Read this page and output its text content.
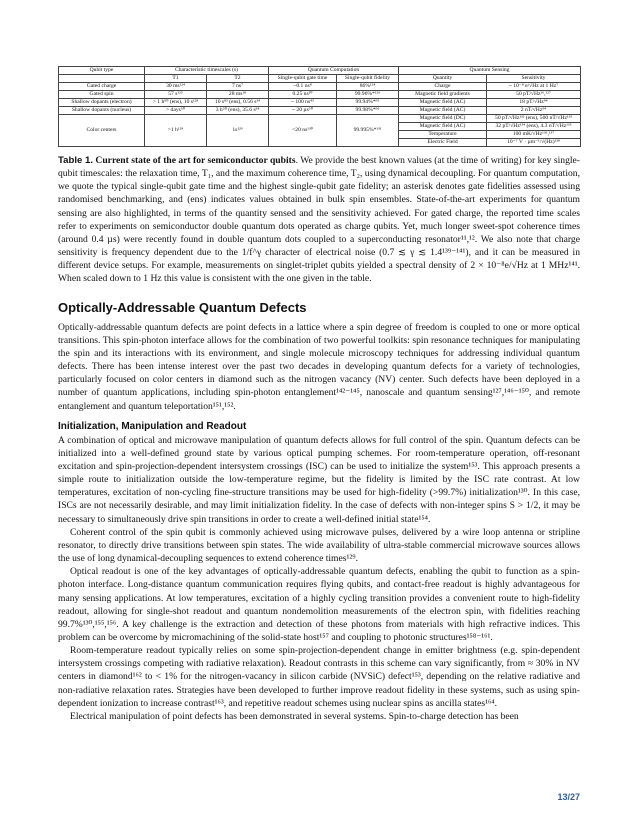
Qubit type	Characteristic timescales (s)		Quantum Computation		Quantum Sensing	
	T1	T2	Single-qubit gate time	Single-qubit fidelity	Quantity	Sensitivity
Gated charge	30 ms¹²⁴	7 ns⁷	~0.1 ns⁸	86%¹²⁴	Charge	~ 10⁻⁸ e/√Hz at 1 Hz⁷
Gated spin	57 s¹²⁵	28 ms¹⁸	0.25 ns²⁰	99.96%*¹²⁶	Magnetic field gradients	50 pT/√Hz¹⁶,¹²⁷
Shallow dopants (electron)	> 1 h⁶⁰ (ens), 10 s¹²⁸	10 s⁸³ (ens), 0.56 s³⁴	~ 100 ns⁴⁵	99.94%*⁹⁵	Magnetic field (AC)	18 pT/√Hz⁹⁴
Shallow dopants (nucleus)	> days⁵⁰	3 h⁵⁰ (ens), 35.6 s³⁴	~ 20 µs⁵⁰	99.98%*⁹⁶	Magnetic field (AC)	2 nT/√Hz⁹⁴
Color centers	>1 h¹²⁹	1s¹²⁹	<20 ns¹³⁰	99.995%*¹³¹	Magnetic field (DC)	50 pT/√Hz¹³² (ens), 500 nT/√Hz¹³³
					Magnetic field (AC)	32 pT/√Hz¹³⁴ (ens), 4.3 nT/√Hz¹³⁵
					Temperature	100 mK/√Hz¹³⁶,¹³⁷
					Electric Field	10⁻⁷ V · µm⁻¹/√(Hz)¹³⁸
Table 1. Current state of the art for semiconductor qubits. We provide the best known values (at the time of writing) for key single-qubit timescales: the relaxation time, T₁, and the maximum coherence time, T₂, using dynamical decoupling. For quantum computation, we quote the typical single-qubit gate time and the highest single-qubit gate fidelity; an asterisk denotes gate fidelities assessed using randomised benchmarking, and (ens) indicates values obtained in bulk spin ensembles. State-of-the-art experiments for quantum sensing are also highlighted, in terms of the quantity sensed and the sensitivity achieved. For gated charge, the reported time scales refer to experiments on semiconductor double quantum dots operated as charge qubits. Yet, much longer sweet-spot coherence times (around 0.4 µs) were recently found in double quantum dots coupled to a superconducting resonator¹¹,¹². We also note that charge sensitivity is frequency dependent due to the 1/f^γ character of electrical noise (0.7 ≲ γ ≲ 1.4¹³⁹⁻¹⁴¹), and it can be measured in different device setups. For example, measurements on singlet-triplet qubits yielded a spectral density of 2 × 10⁻⁸e/√Hz at 1 MHz¹⁴¹. When scaled down to 1 Hz this value is consistent with the one given in the table.
Optically-Addressable Quantum Defects

Optically-addressable quantum defects are point defects in a lattice where a spin degree of freedom is coupled to one or more optical transitions. This spin-photon interface allows for the combination of two powerful toolkits: spin resonance techniques for manipulating the spin and its interactions with its environment, and single molecule microscopy techniques for addressing individual quantum defects. There has been intense interest over the past two decades in developing quantum defects for a variety of technologies, particularly focused on color centers in diamond such as the nitrogen vacancy (NV) center. Such defects have been deployed in a number of quantum applications, including spin-photon entanglement¹⁴²⁻¹⁴⁵, nanoscale and quantum sensing¹²⁷,¹⁴⁶⁻¹⁵⁰, and remote entanglement and quantum teleportation¹⁵¹,¹⁵².

Initialization, Manipulation and Readout

A combination of optical and microwave manipulation of quantum defects allows for full control of the spin. Quantum defects can be initialized into a well-defined ground state by various optical pumping schemes. For room-temperature operation, off-resonant excitation and spin-projection-dependent intersystem crossings (ISC) can be used to initialize the system¹⁵³. This approach presents a simple route to initialization outside the low-temperature regime, but the fidelity is limited by the ISC rate contrast. At low temperatures, excitation of non-cycling fine-structure transitions may be used for high-fidelity (>99.7%) initialization¹³⁰. In this case, ISCs are not necessarily desirable, and may limit initialization fidelity. In the case of defects with non-integer spins S > 1/2, it may be necessary to simultaneously drive spin transitions in order to create a well-defined initial state¹⁵⁴.

Coherent control of the spin qubit is commonly achieved using microwave pulses, delivered by a wire loop antenna or stripline resonator, to directly drive transitions between spin states. The wide availability of ultra-stable commercial microwave sources allows the use of long dynamical-decoupling sequences to extend coherence times¹²⁹.

Optical readout is one of the key advantages of optically-addressable quantum defects, enabling the qubit to function as a spin-photon interface. Long-distance quantum communication requires flying qubits, and contact-free readout is highly advantageous for many sensing applications. At low temperatures, excitation of a highly cycling transition provides a convenient route to high-fidelity readout, allowing for single-shot readout and quantum nondemolition measurements of the electron spin, with fidelities reaching 99.7%¹³⁰,¹⁵⁵,¹⁵⁶. A key challenge is the extraction and detection of these photons from materials with high refractive indices. This problem can be overcome by micromachining of the solid-state host¹⁵⁷ and coupling to photonic structures¹⁵⁸⁻¹⁶¹.

Room-temperature readout typically relies on some spin-projection-dependent change in emitter brightness (e.g. spin-dependent intersystem crossings competing with radiative relaxation). Readout contrasts in this scheme can vary significantly, from ≈ 30% in NV centers in diamond¹⁶² to < 1% for the nitrogen-vacancy in silicon carbide (NVSiC) defect¹⁵³, depending on the relative radiative and non-radiative relaxation rates. Strategies have been developed to further improve readout fidelity in these systems, such as using spin-dependent ionization to increase contrast¹⁶³, and repetitive readout schemes using nuclear spins as ancilla states¹⁶⁴.

Electrical manipulation of point defects has been demonstrated in several systems. Spin-to-charge detection has been

13/27
